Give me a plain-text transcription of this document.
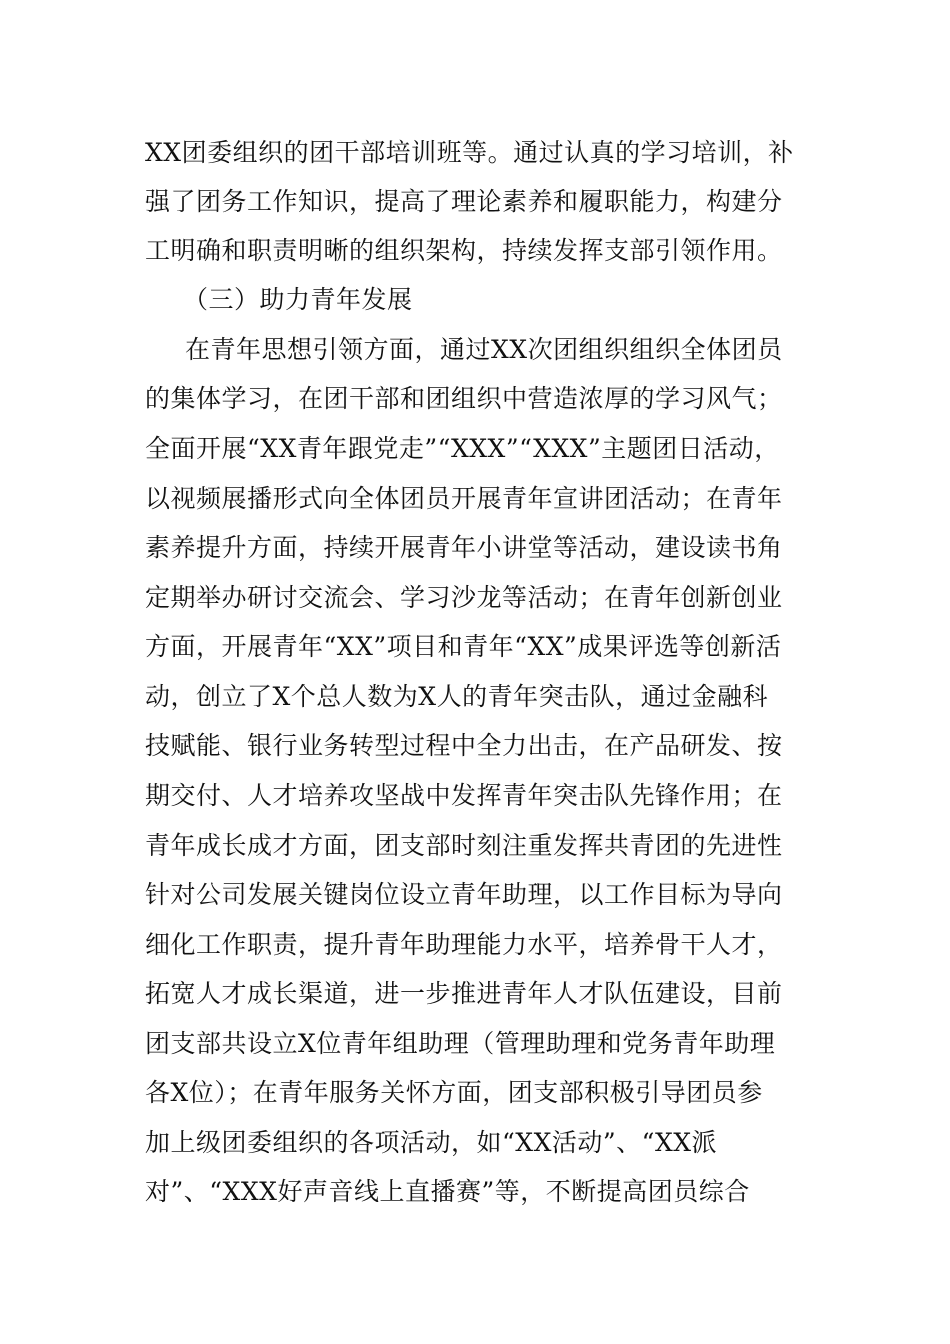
XX团委组织的团干部培训班等。通过认真的学习培训，补
强了团务工作知识，提高了理论素养和履职能力，构建分
工明确和职责明晰的组织架构，持续发挥支部引领作用。
（三）助力青年发展
在青年思想引领方面，通过XX次团组织组织全体团员
的集体学习，在团干部和团组织中营造浓厚的学习风气；
全面开展“XX青年跟党走”“XXX”“XXX”主题团日活动，
以视频展播形式向全体团员开展青年宣讲团活动；在青年
素养提升方面，持续开展青年小讲堂等活动，建设读书角
定期举办研讨交流会、学习沙龙等活动；在青年创新创业
方面，开展青年“XX”项目和青年“XX”成果评选等创新活
动，创立了X个总人数为X人的青年突击队，通过金融科
技赋能、银行业务转型过程中全力出击，在产品研发、按
期交付、人才培养攻坚战中发挥青年突击队先锋作用；在
青年成长成才方面，团支部时刻注重发挥共青团的先进性
针对公司发展关键岗位设立青年助理，以工作目标为导向
细化工作职责，提升青年助理能力水平，培养骨干人才，
拓宽人才成长渠道，进一步推进青年人才队伍建设，目前
团支部共设立X位青年组助理（管理助理和党务青年助理
各X位）；在青年服务关怀方面，团支部积极引导团员参
加上级团委组织的各项活动，如“XX活动”、“XX派
对”、“XXX好声音线上直播赛”等，不断提高团员综合
